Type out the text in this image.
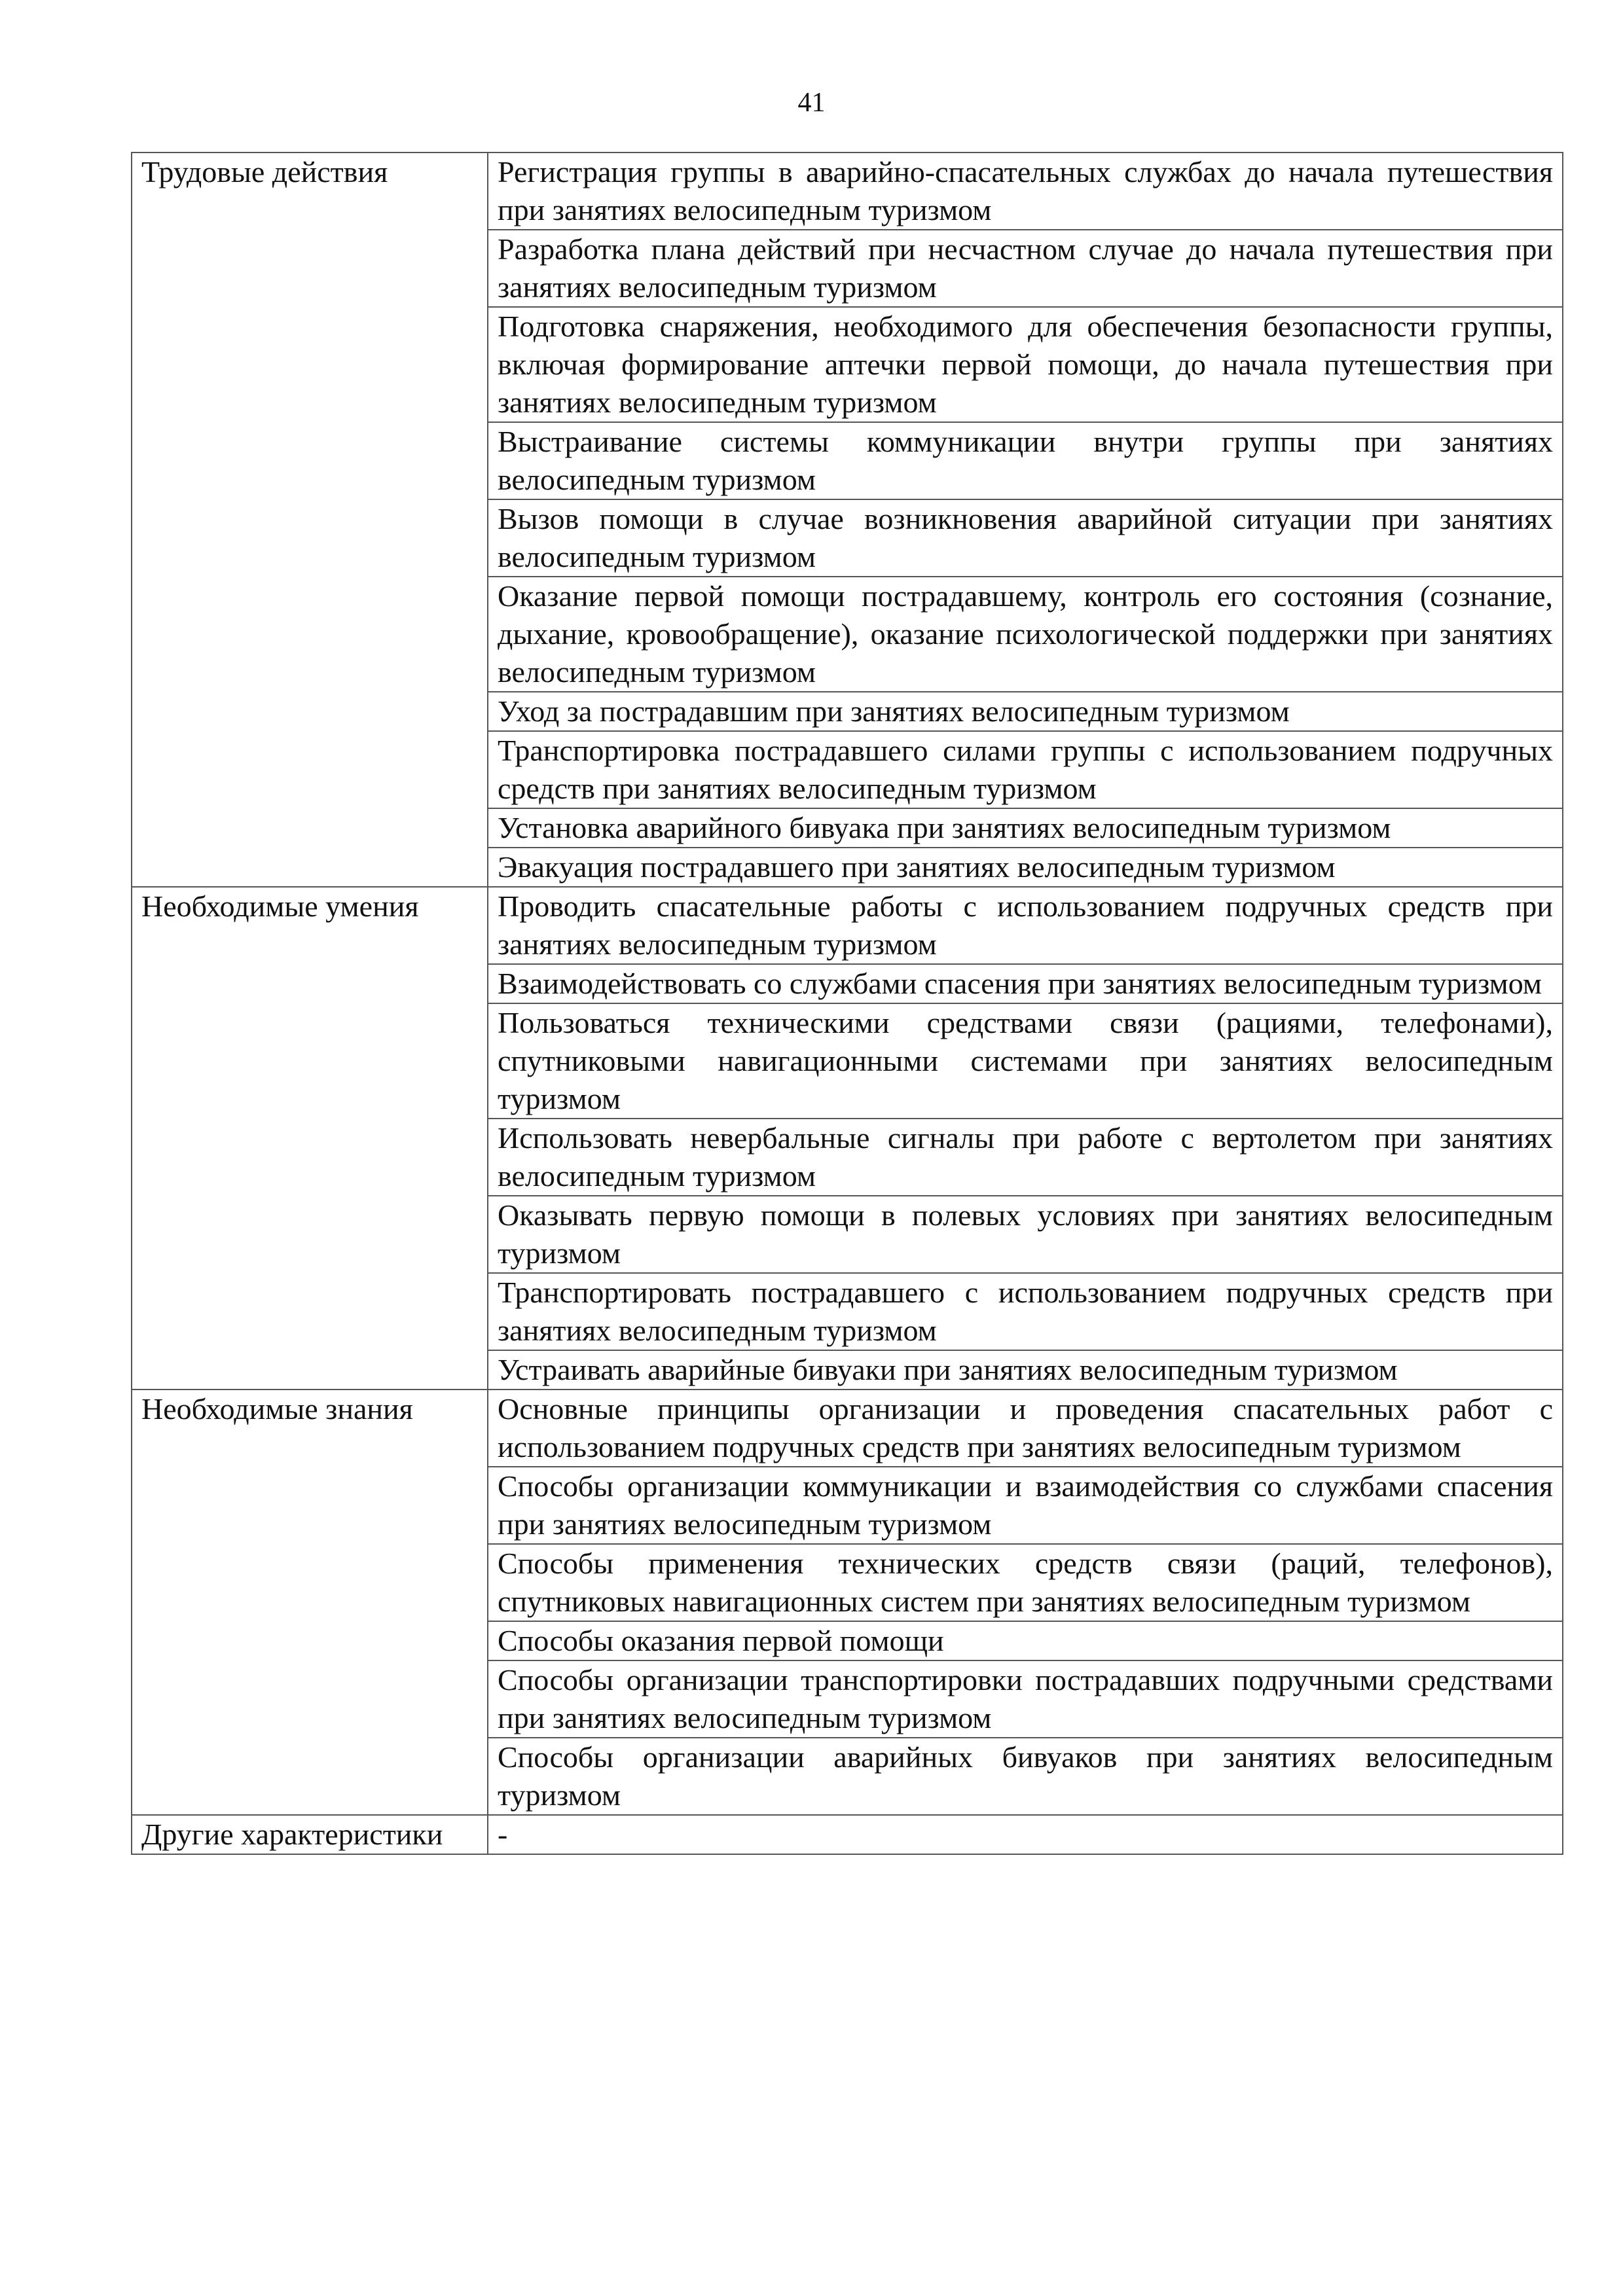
41
Трудовые действия	Регистрация группы в аварийно-спасательных службах до начала путешествия при занятиях велосипедным туризмом
	Разработка плана действий при несчастном случае до начала путешествия при занятиях велосипедным туризмом
	Подготовка снаряжения, необходимого для обеспечения безопасности группы, включая формирование аптечки первой помощи, до начала путешествия при занятиях велосипедным туризмом
	Выстраивание системы коммуникации внутри группы при занятиях велосипедным туризмом
	Вызов помощи в случае возникновения аварийной ситуации при занятиях велосипедным туризмом
	Оказание первой помощи пострадавшему, контроль его состояния (сознание, дыхание, кровообращение), оказание психологической поддержки при занятиях велосипедным туризмом
	Уход за пострадавшим при занятиях велосипедным туризмом
	Транспортировка пострадавшего силами группы с использованием подручных средств при занятиях велосипедным туризмом
	Установка аварийного бивуака при занятиях велосипедным туризмом
	Эвакуация пострадавшего при занятиях велосипедным туризмом
Необходимые умения	Проводить спасательные работы с использованием подручных средств при занятиях велосипедным туризмом
	Взаимодействовать со службами спасения при занятиях велосипедным туризмом
	Пользоваться техническими средствами связи (рациями, телефонами), спутниковыми навигационными системами при занятиях велосипедным туризмом
	Использовать невербальные сигналы при работе с вертолетом при занятиях велосипедным туризмом
	Оказывать первую помощи в полевых условиях при занятиях велосипедным туризмом
	Транспортировать пострадавшего с использованием подручных средств при занятиях велосипедным туризмом
	Устраивать аварийные бивуаки при занятиях велосипедным туризмом
Необходимые знания	Основные принципы организации и проведения спасательных работ с использованием подручных средств при занятиях велосипедным туризмом
	Способы организации коммуникации и взаимодействия со службами спасения при занятиях велосипедным туризмом
	Способы применения технических средств связи (раций, телефонов), спутниковых навигационных систем при занятиях велосипедным туризмом
	Способы оказания первой помощи
	Способы организации транспортировки пострадавших подручными средствами при занятиях велосипедным туризмом
	Способы организации аварийных бивуаков при занятиях велосипедным туризмом
Другие характеристики	-
